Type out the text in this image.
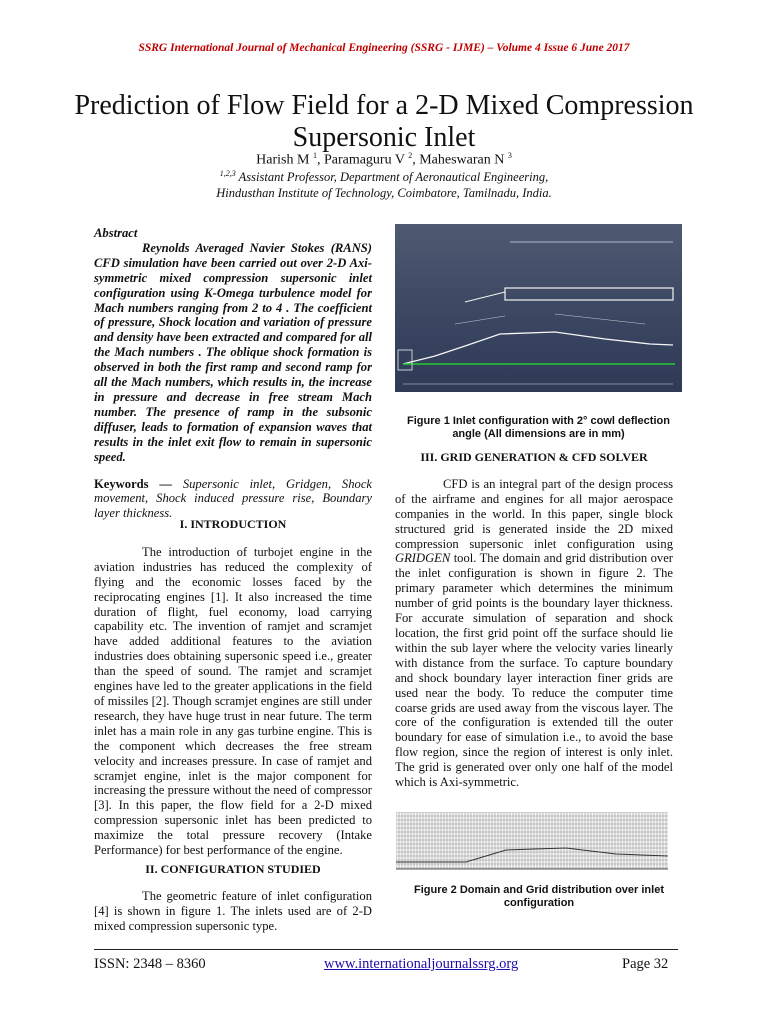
SSRG International Journal of Mechanical Engineering (SSRG - IJME) – Volume 4 Issue 6 June 2017
Prediction of Flow Field for a 2-D Mixed Compression Supersonic Inlet
Harish M $^1$, Paramaguru V $^2$, Maheswaran N $^3$
$^{1,2,3}$ Assistant Professor, Department of Aeronautical Engineering,
Hindusthan Institute of Technology, Coimbatore, Tamilnadu, India.

Abstract

Reynolds Averaged Navier Stokes (RANS) CFD simulation have been carried out over 2-D Axi-symmetric mixed compression supersonic inlet configuration using K-Omega turbulence model for Mach numbers ranging from 2 to 4 . The coefficient of pressure, Shock location and variation of pressure and density have been extracted and compared for all the Mach numbers . The oblique shock formation is observed in both the first ramp and second ramp for all the Mach numbers, which results in, the increase in pressure and decrease in free stream Mach number. The presence of ramp in the subsonic diffuser, leads to formation of expansion waves that results in the inlet exit flow to remain in supersonic speed.

Keywords — Supersonic inlet, Gridgen, Shock movement, Shock induced pressure rise, Boundary layer thickness.

I. INTRODUCTION

The introduction of turbojet engine in the aviation industries has reduced the complexity of flying and the economic losses faced by the reciprocating engines [1]. It also increased the time duration of flight, fuel economy, load carrying capability etc. The invention of ramjet and scramjet have added additional features to the aviation industries does obtaining supersonic speed i.e., greater than the speed of sound. The ramjet and scramjet engines have led to the greater applications in the field of missiles [2]. Though scramjet engines are still under research, they have huge trust in near future. The term inlet has a main role in any gas turbine engine. This is the component which decreases the free stream velocity and increases pressure. In case of ramjet and scramjet engine, inlet is the major component for increasing the pressure without the need of compressor [3]. In this paper, the flow field for a 2-D mixed compression supersonic inlet has been predicted to maximize the total pressure recovery (Intake Performance) for best performance of the engine.

II. CONFIGURATION STUDIED

The geometric feature of inlet configuration [4] is shown in figure 1. The inlets used are of 2-D mixed compression supersonic type.

Figure 1 Inlet configuration with 2° cowl deflection
angle (All dimensions are in mm)

III. GRID GENERATION & CFD SOLVER

CFD is an integral part of the design process of the airframe and engines for all major aerospace companies in the world. In this paper, single block structured grid is generated inside the 2D mixed compression supersonic inlet configuration using GRIDGEN tool. The domain and grid distribution over the inlet configuration is shown in figure 2. The primary parameter which determines the minimum number of grid points is the boundary layer thickness. For accurate simulation of separation and shock location, the first grid point off the surface should lie within the sub layer where the velocity varies linearly with distance from the surface. To capture boundary and shock boundary layer interaction finer grids are used near the body. To reduce the computer time coarse grids are used away from the viscous layer. The core of the configuration is extended till the outer boundary for ease of simulation i.e., to avoid the base flow region, since the region of interest is only inlet. The grid is generated over only one half of the model which is Axi-symmetric.

Figure 2 Domain and Grid distribution over inlet
configuration
ISSN: 2348 – 8360	www.internationaljournalssrg.org	Page 32
